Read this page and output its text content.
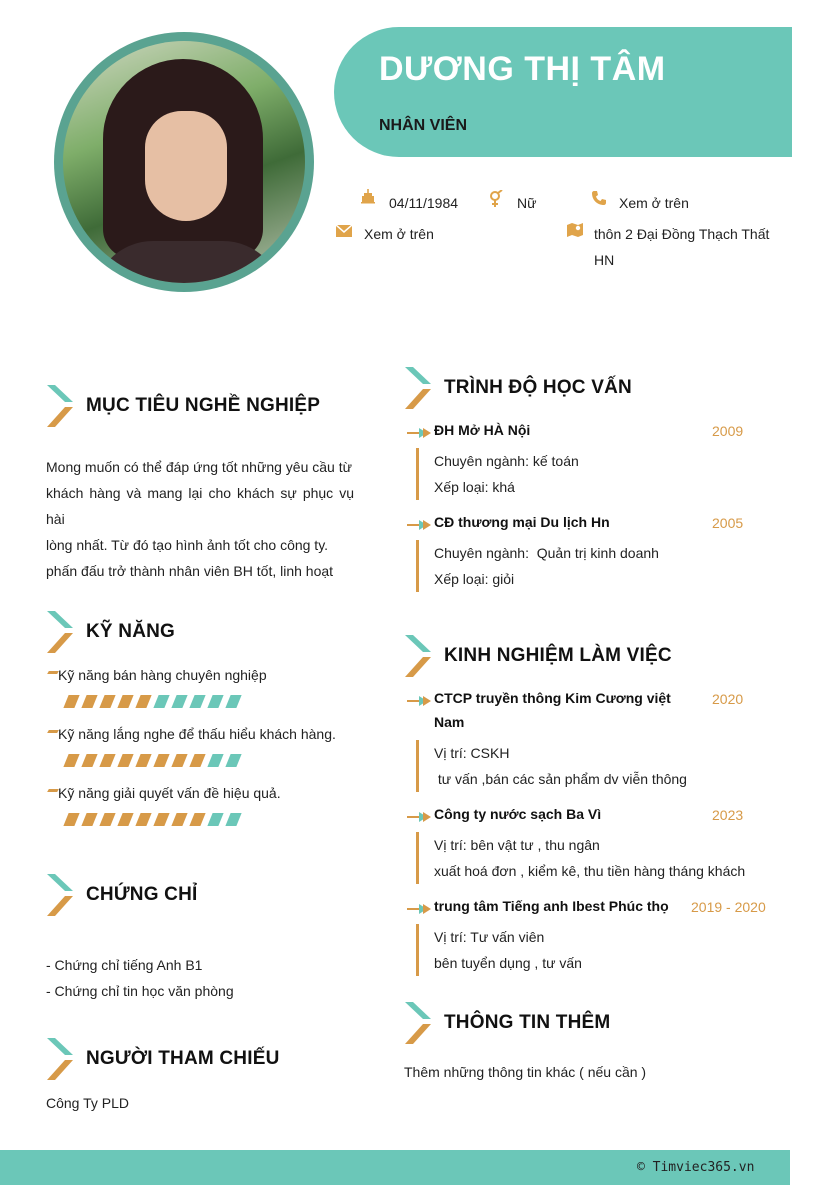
DƯƠNG THỊ TÂM
NHÂN VIÊN
04/11/1984	Nữ	Xem ở trên
Xem ở trên	thôn 2 Đại Đồng Thạch Thất
HN
MỤC TIÊU NGHỀ NGHIỆP
Mong muốn có thể đáp ứng tốt những yêu cầu từ
khách hàng và mang lại cho khách sự phục vụ hài
lòng nhất. Từ đó tạo hình ảnh tốt cho công ty.
phấn đấu trở thành nhân viên BH tốt, linh hoạt
KỸ NĂNG
Kỹ năng bán hàng chuyên nghiệp
Kỹ năng lắng nghe để thấu hiểu khách hàng.
Kỹ năng giải quyết vấn đề hiệu quả.
CHỨNG CHỈ
- Chứng chỉ tiếng Anh B1
- Chứng chỉ tin học văn phòng
NGƯỜI THAM CHIẾU
Công Ty PLD
TRÌNH ĐỘ HỌC VẤN
ĐH Mở HÀ Nội	2009
Chuyên ngành: kế toán
Xếp loại: khá
CĐ thương mại Du lịch Hn	2005
Chuyên ngành:  Quản trị kinh doanh
Xếp loại: giỏi
KINH NGHIỆM LÀM VIỆC
CTCP truyền thông Kim Cương việt
Nam
2020
Vị trí: CSKH
tư vấn ,bán các sản phẩm dv viễn thông
Công ty nước sạch Ba Vì	2023
Vị trí: bên vật tư , thu ngân
xuất hoá đơn , kiểm kê, thu tiền hàng tháng khách
trung tâm Tiếng anh Ibest Phúc thọ 2019 - 2020
Vị trí: Tư vấn viên
bên tuyển dụng , tư vấn
THÔNG TIN THÊM
Thêm những thông tin khác ( nếu cần )
© Timviec365.vn
